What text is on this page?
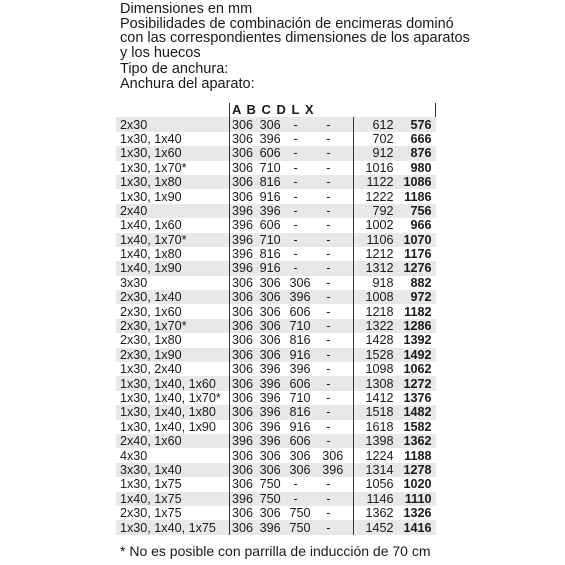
Dimensiones en mm
Posibilidades de combinación de encimeras dominó
con las correspondientes dimensiones de los aparatos
y los huecos
Tipo de anchura:
Anchura del aparato:
	A B C D L X					
2x30	306	306	-	-	612	576
1x30, 1x40	306	396	-	-	702	666
1x30, 1x60	306	606	-	-	912	876
1x30, 1x70*	306	710	-	-	1016	980
1x30, 1x80	306	816	-	-	1122	1086
1x30, 1x90	306	916	-	-	1222	1186
2x40	396	396	-	-	792	756
1x40, 1x60	396	606	-	-	1002	966
1x40, 1x70*	396	710	-	-	1106	1070
1x40, 1x80	396	816	-	-	1212	1176
1x40, 1x90	396	916	-	-	1312	1276
3x30	306	306	306	-	918	882
2x30, 1x40	306	306	396	-	1008	972
2x30, 1x60	306	306	606	-	1218	1182
2x30, 1x70*	306	306	710	-	1322	1286
2x30, 1x80	306	306	816	-	1428	1392
2x30, 1x90	306	306	916	-	1528	1492
1x30, 2x40	306	396	396	-	1098	1062
1x30, 1x40, 1x60	306	396	606	-	1308	1272
1x30, 1x40, 1x70*	306	396	710	-	1412	1376
1x30, 1x40, 1x80	306	396	816	-	1518	1482
1x30, 1x40, 1x90	306	396	916	-	1618	1582
2x40, 1x60	396	396	606	-	1398	1362
4x30	306	306	306	306	1224	1188
3x30, 1x40	306	306	306	396	1314	1278
1x30, 1x75	306	750	-	-	1056	1020
1x40, 1x75	396	750	-	-	1146	1110
2x30, 1x75	306	306	750	-	1362	1326
1x30, 1x40, 1x75	306	396	750	-	1452	1416
* No es posible con parrilla de inducción de 70 cm
